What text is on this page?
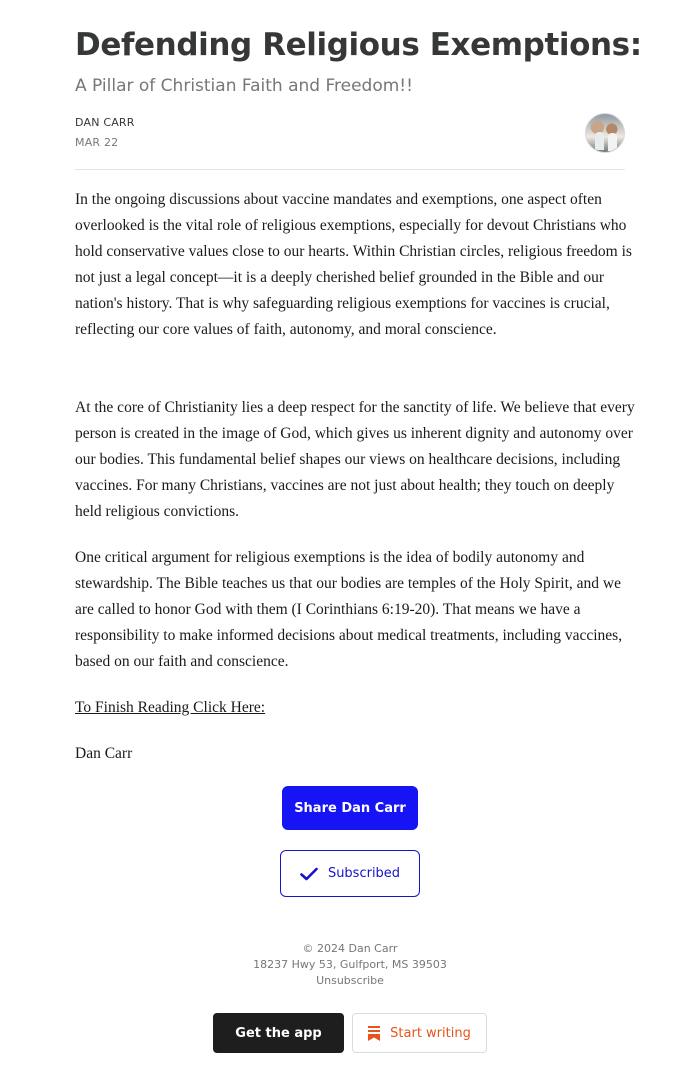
Defending Religious Exemptions:
A Pillar of Christian Faith and Freedom!!
DAN CARR
MAR 22

In the ongoing discussions about vaccine mandates and exemptions, one aspect often overlooked is the vital role of religious exemptions, especially for devout Christians who hold conservative values close to our hearts. Within Christian circles, religious freedom is not just a legal concept—it is a deeply cherished belief grounded in the Bible and our nation's history. That is why safeguarding religious exemptions for vaccines is crucial, reflecting our core values of faith, autonomy, and moral conscience.

At the core of Christianity lies a deep respect for the sanctity of life. We believe that every person is created in the image of God, which gives us inherent dignity and autonomy over our bodies. This fundamental belief shapes our views on healthcare decisions, including vaccines. For many Christians, vaccines are not just about health; they touch on deeply held religious convictions.

One critical argument for religious exemptions is the idea of bodily autonomy and stewardship. The Bible teaches us that our bodies are temples of the Holy Spirit, and we are called to honor God with them (I Corinthians 6:19-20). That means we have a responsibility to make informed decisions about medical treatments, including vaccines, based on our faith and conscience.

To Finish Reading Click Here:
Dan Carr
Share Dan Carr
Subscribed
© 2024 Dan Carr
18237 Hwy 53, Gulfport, MS 39503
Unsubscribe
Get the app	Start writing
